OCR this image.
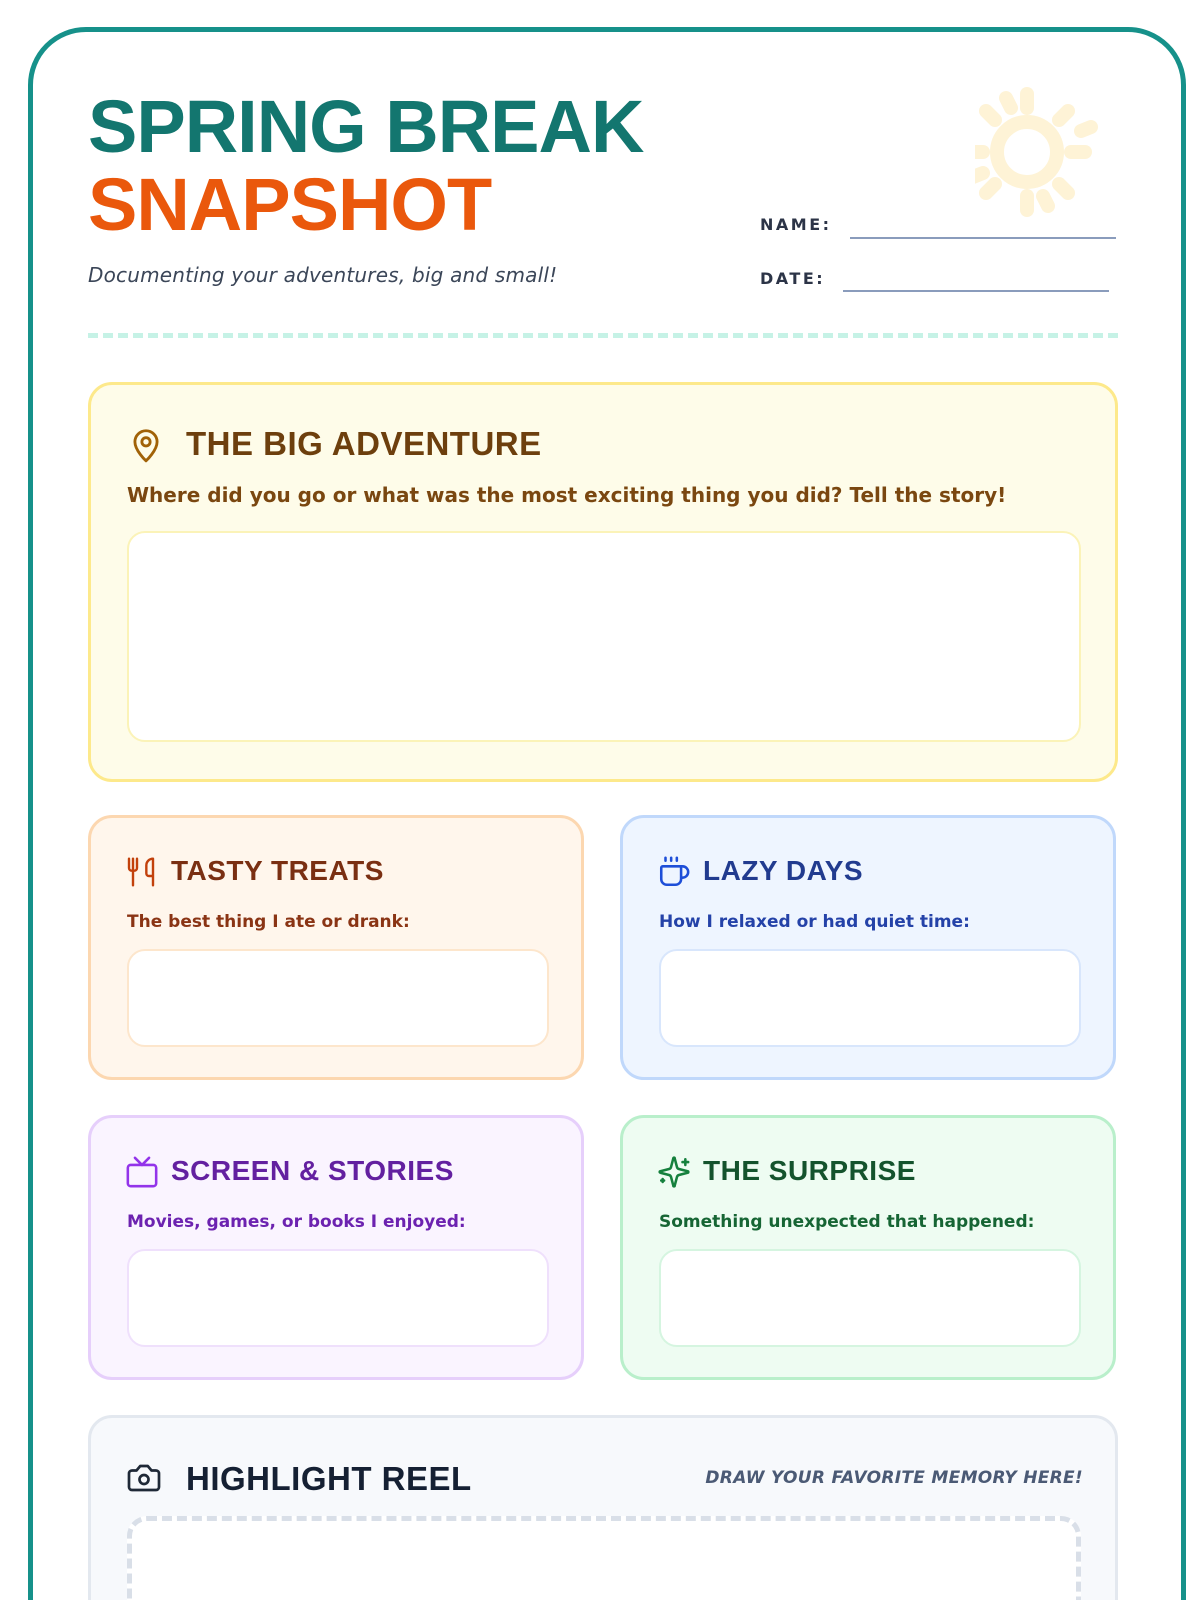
SPRING BREAK
SNAPSHOT
Documenting your adventures, big and small!
NAME:
DATE:
THE BIG ADVENTURE
Where did you go or what was the most exciting thing you did? Tell the story!
TASTY TREATS
The best thing I ate or drank:
LAZY DAYS
How I relaxed or had quiet time:
SCREEN & STORIES
Movies, games, or books I enjoyed:
THE SURPRISE
Something unexpected that happened:
HIGHLIGHT REEL	DRAW YOUR FAVORITE MEMORY HERE!
